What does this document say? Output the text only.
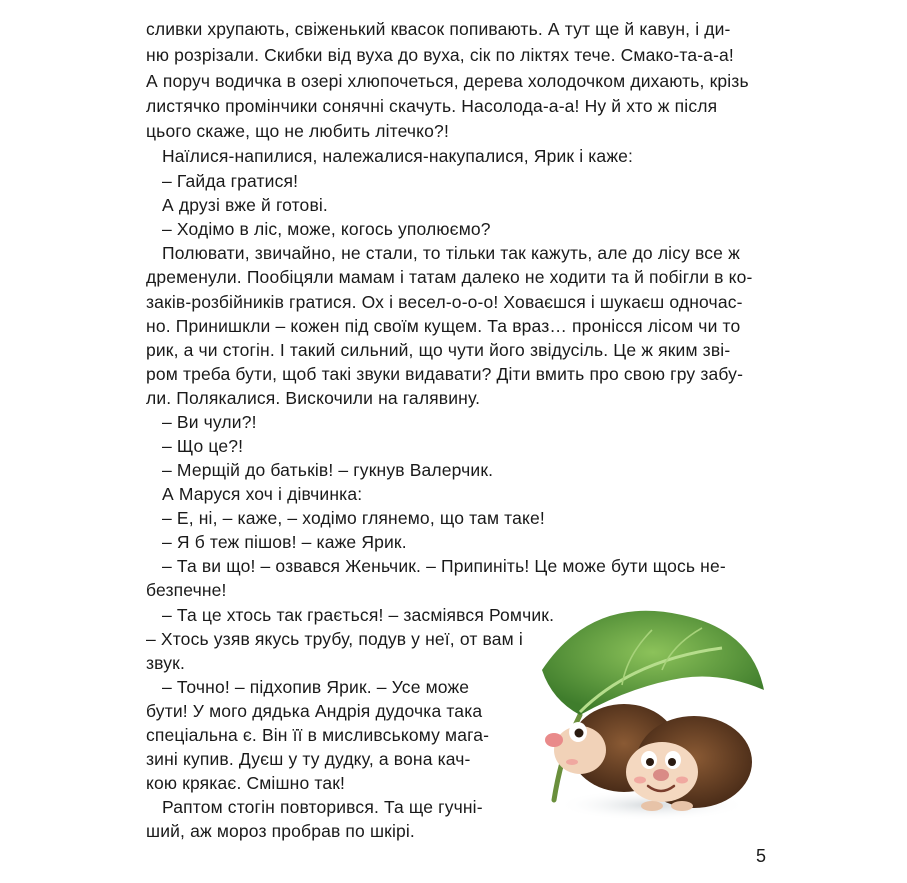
сливки хрупають, свіженький квасок попивають. А тут ще й кавун, і ди-
ню розрізали. Скибки від вуха до вуха, сік по ліктях тече. Смако-та-а-а!
А поруч водичка в озері хлюпочеться, дерева холодочком дихають, крізь
листячко промінчики сонячні скачуть. Насолода-а-а! Ну й хто ж після
цього скаже, що не любить літечко?!
Наїлися-напилися, належалися-накупалися, Ярик і каже:
– Гайда гратися!
А друзі вже й готові.
– Ходімо в ліс, може, когось уполюємо?
Полювати, звичайно, не стали, то тільки так кажуть, але до лісу все ж
дременули. Пообіцяли мамам і татам далеко не ходити та й побігли в ко-
заків-розбійників гратися. Ох і весел-о-о-о! Ховаєшся і шукаєш одночас-
но. Принишкли – кожен під своїм кущем. Та враз… пронісся лісом чи то
рик, а чи стогін. І такий сильний, що чути його звідусіль. Це ж яким звi-
ром треба бути, щоб такі звуки видавати? Діти вмить про свою гру забу-
ли. Полякалися. Вискочили на галявину.
– Ви чули?!
– Що це?!
– Мерщій до батьків! – гукнув Валерчик.
А Маруся хоч і дівчинка:
– Е, ні, – каже, – ходімо глянемо, що там таке!
– Я б теж пішов! – каже Ярик.
– Та ви що! – озвався Женьчик. – Припиніть! Це може бути щось не-
безпечне!
– Та це хтось так грається! – засміявся Ромчик.
– Хтось узяв якусь трубу, подув у неї, от вам і
звук.
– Точно! – підхопив Ярик. – Усе може
бути! У мого дядька Андрія дудочка така
спеціальна є. Він її в мисливському мага-
зині купив. Дуєш у ту дудку, а вона кач-
кою крякає. Смішно так!
Раптом стогін повторився. Та ще гучні-
ший, аж мороз пробрав по шкірі.
5
